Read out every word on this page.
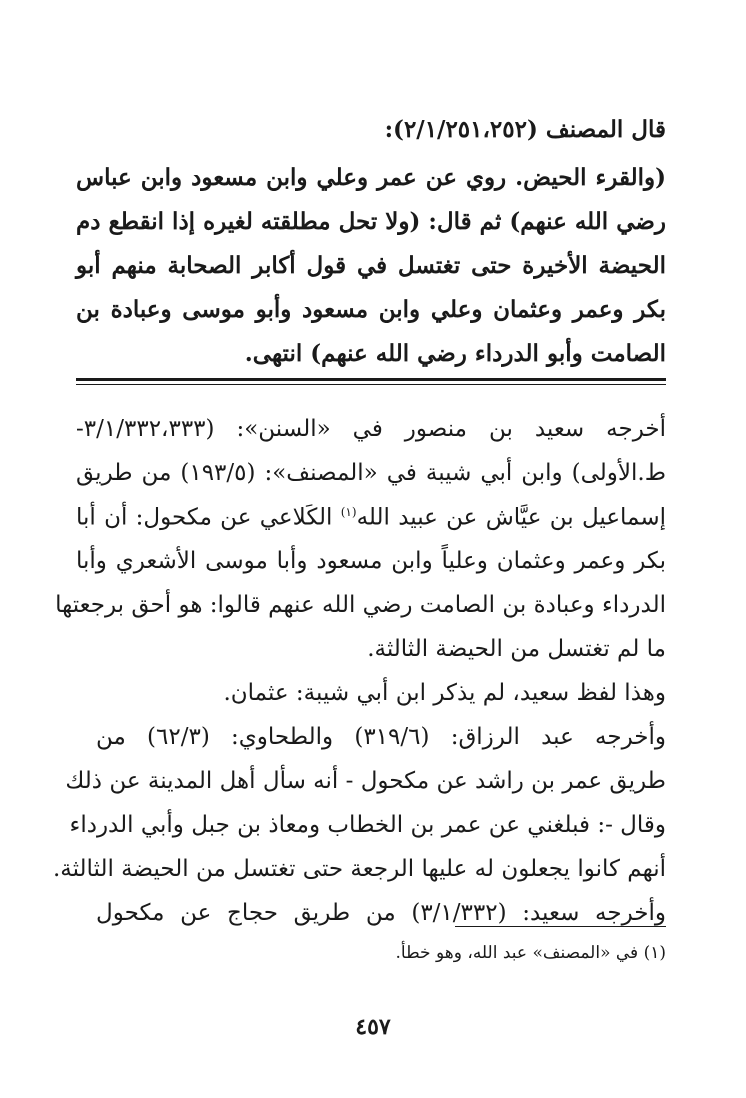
قال المصنف (٢/١/٢٥١،٢٥٢):
(والقرء الحيض. روي عن عمر وعلي وابن مسعود وابن عباس
رضي الله عنهم) ثم قال: (ولا تحل مطلقته لغيره إذا انقطع دم
الحيضة الأخيرة حتى تغتسل في قول أكابر الصحابة منهم أبو
بكر وعمر وعثمان وعلي وابن مسعود وأبو موسى وعبادة بن
الصامت وأبو الدرداء رضي الله عنهم) انتهى.
أخرجه سعيد بن منصور في «السنن»: (٣/١/٣٣٢،٣٣٣-
ط.الأولى) وابن أبي شيبة في «المصنف»: (١٩٣/٥) من طريق
إسماعيل بن عيَّاش عن عبيد الله$^{(١)}$ الكَلاعي عن مكحول: أن أبا
بكر وعمر وعثمان وعلياً وابن مسعود وأبا موسى الأشعري وأبا
الدرداء وعبادة بن الصامت رضي الله عنهم قالوا: هو أحق برجعتها
ما لم تغتسل من الحيضة الثالثة.
وهذا لفظ سعيد، لم يذكر ابن أبي شيبة: عثمان.
وأخرجه عبد الرزاق: (٣١٩/٦) والطحاوي: (٦٢/٣) من
طريق عمر بن راشد عن مكحول - أنه سأل أهل المدينة عن ذلك
وقال -: فبلغني عن عمر بن الخطاب ومعاذ بن جبل وأبي الدرداء
أنهم كانوا يجعلون له عليها الرجعة حتى تغتسل من الحيضة الثالثة.
وأخرجه سعيد: (٣/١/٣٣٢) من طريق حجاج عن مكحول
(١) في «المصنف» عبد الله، وهو خطأ.
٤٥٧
